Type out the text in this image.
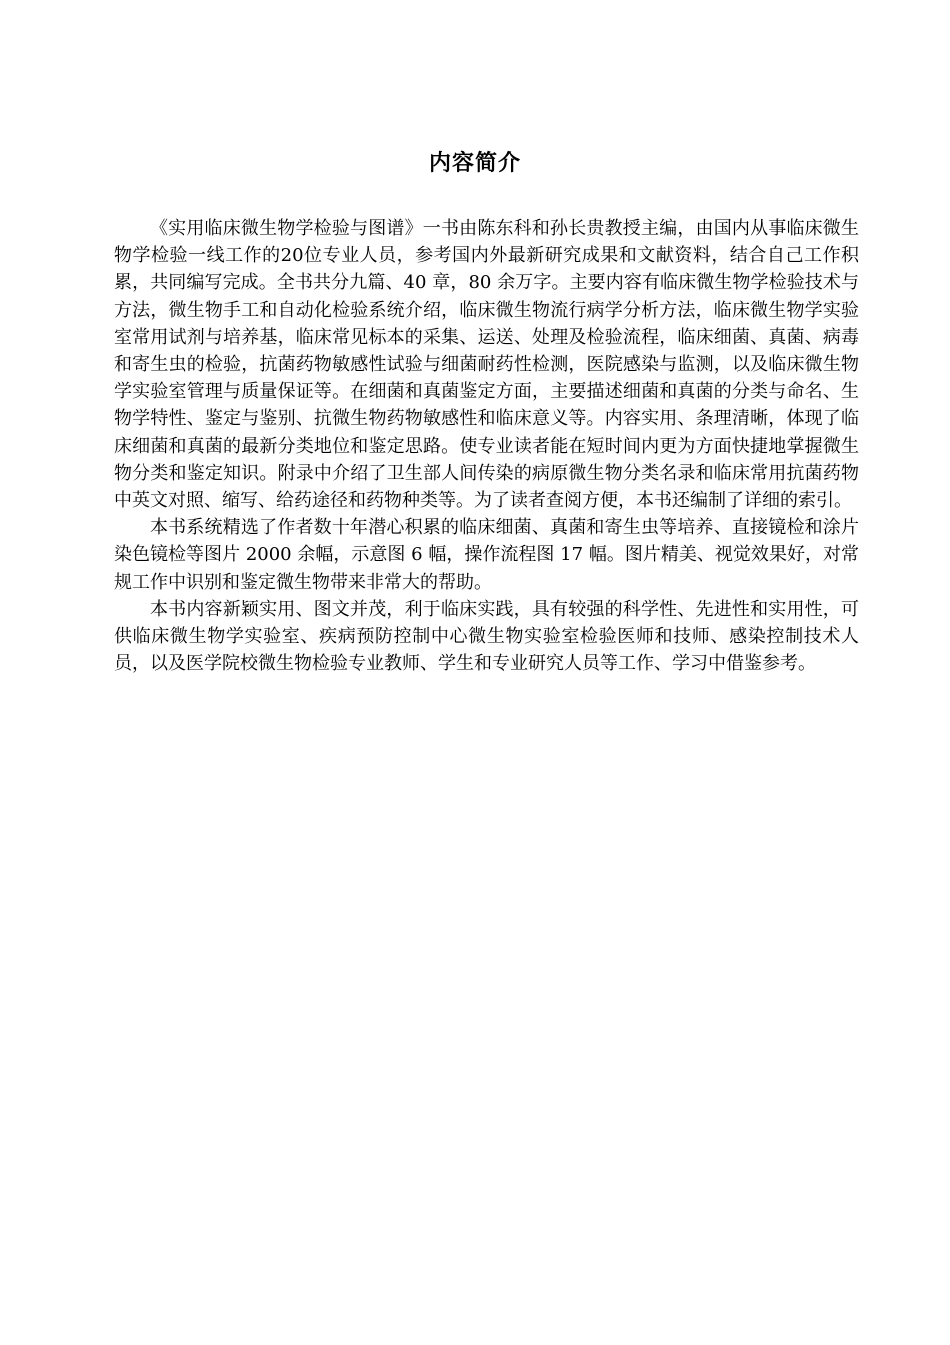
内容简介

《实用临床微生物学检验与图谱》一书由陈东科和孙长贵教授主编，由国内从事临床微生物学检验一线工作的20位专业人员，参考国内外最新研究成果和文献资料，结合自己工作积累，共同编写完成。全书共分九篇、40 章，80 余万字。主要内容有临床微生物学检验技术与方法，微生物手工和自动化检验系统介绍，临床微生物流行病学分析方法，临床微生物学实验室常用试剂与培养基，临床常见标本的采集、运送、处理及检验流程，临床细菌、真菌、病毒和寄生虫的检验，抗菌药物敏感性试验与细菌耐药性检测，医院感染与监测，以及临床微生物学实验室管理与质量保证等。在细菌和真菌鉴定方面，主要描述细菌和真菌的分类与命名、生物学特性、鉴定与鉴别、抗微生物药物敏感性和临床意义等。内容实用、条理清晰，体现了临床细菌和真菌的最新分类地位和鉴定思路。使专业读者能在短时间内更为方面快捷地掌握微生物分类和鉴定知识。附录中介绍了卫生部人间传染的病原微生物分类名录和临床常用抗菌药物中英文对照、缩写、给药途径和药物种类等。为了读者查阅方便，本书还编制了详细的索引。

本书系统精选了作者数十年潜心积累的临床细菌、真菌和寄生虫等培养、直接镜检和涂片染色镜检等图片 2000 余幅，示意图 6 幅，操作流程图 17 幅。图片精美、视觉效果好，对常规工作中识别和鉴定微生物带来非常大的帮助。

本书内容新颖实用、图文并茂，利于临床实践，具有较强的科学性、先进性和实用性，可供临床微生物学实验室、疾病预防控制中心微生物实验室检验医师和技师、感染控制技术人员，以及医学院校微生物检验专业教师、学生和专业研究人员等工作、学习中借鉴参考。
